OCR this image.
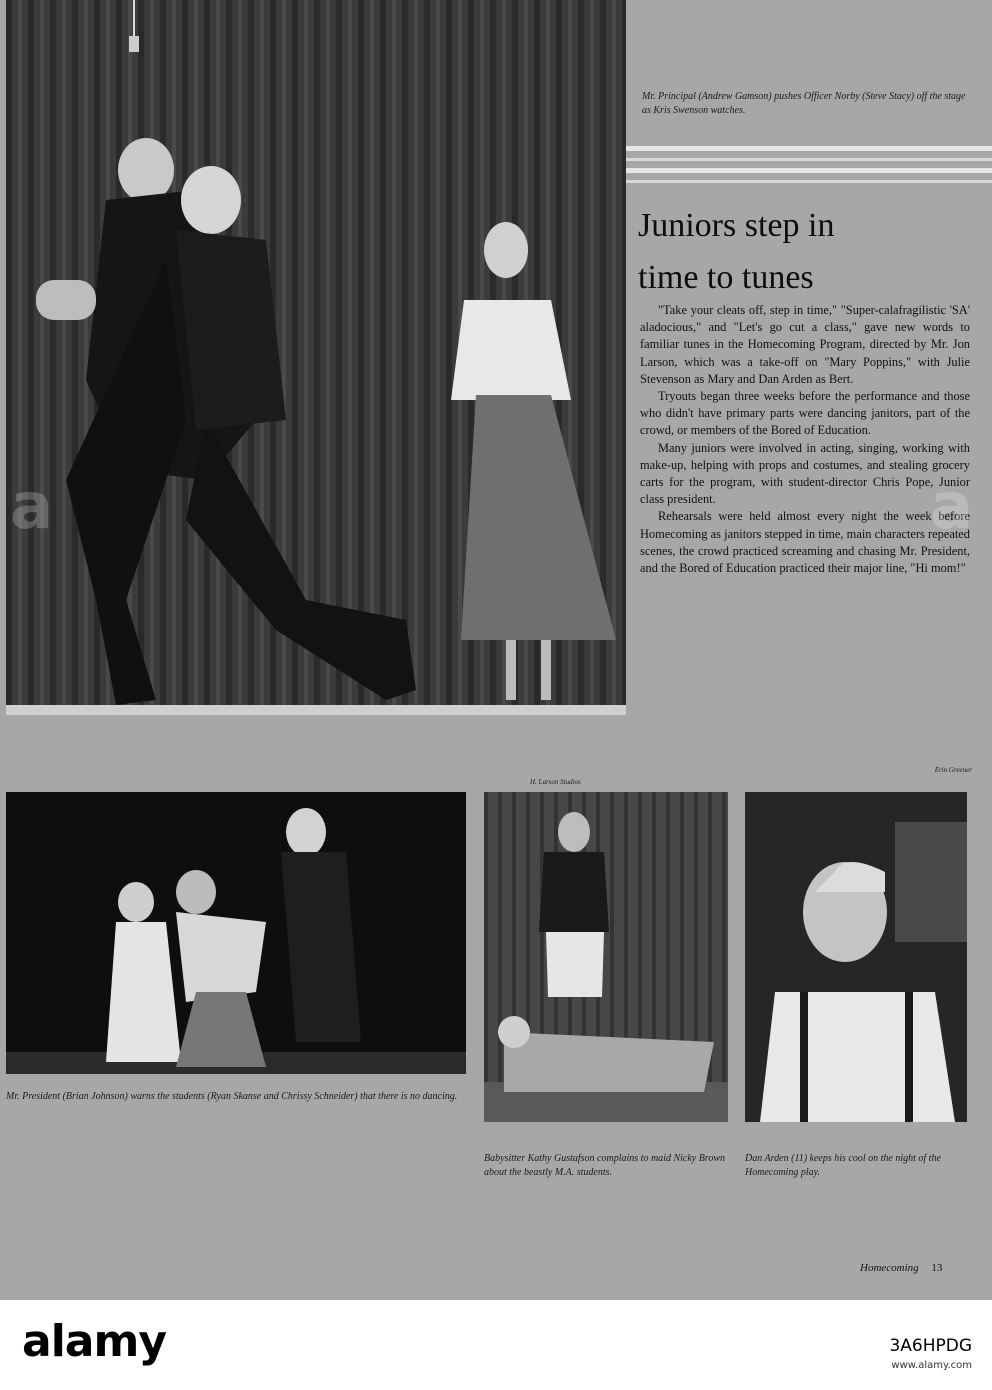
Mr. Principal (Andrew Gamson) pushes Officer Norby (Steve Stacy) off the stage as Kris Swenson watches.

Juniors step in
time to tunes

"Take your cleats off, step in time," "Super-calafragilistic 'SA' aladocious," and "Let's go cut a class," gave new words to familiar tunes in the Homecoming Program, directed by Mr. Jon Larson, which was a take-off on "Mary Poppins," with Julie Stevenson as Mary and Dan Arden as Bert.

Tryouts began three weeks before the performance and those who didn't have primary parts were dancing janitors, part of the crowd, or members of the Bored of Education.

Many juniors were involved in acting, singing, working with make-up, helping with props and costumes, and stealing grocery carts for the program, with student-director Chris Pope, Junior class president.

Rehearsals were held almost every night the week before Homecoming as janitors stepped in time, main characters repeated scenes, the crowd practiced screaming and chasing Mr. President, and the Bored of Education practiced their major line, "Hi mom!"

Erin Greener

H. Larson Studios

Mr. President (Brian Johnson) warns the students (Ryan Skanse and Chrissy Schneider) that there is no dancing.

Babysitter Kathy Gustafson complains to maid Nicky Brown about the beastly M.A. students.

Dan Arden (11) keeps his cool on the night of the Homecoming play.

Homecoming 13

a	a
alamy	3A6HPDG
www.alamy.com
